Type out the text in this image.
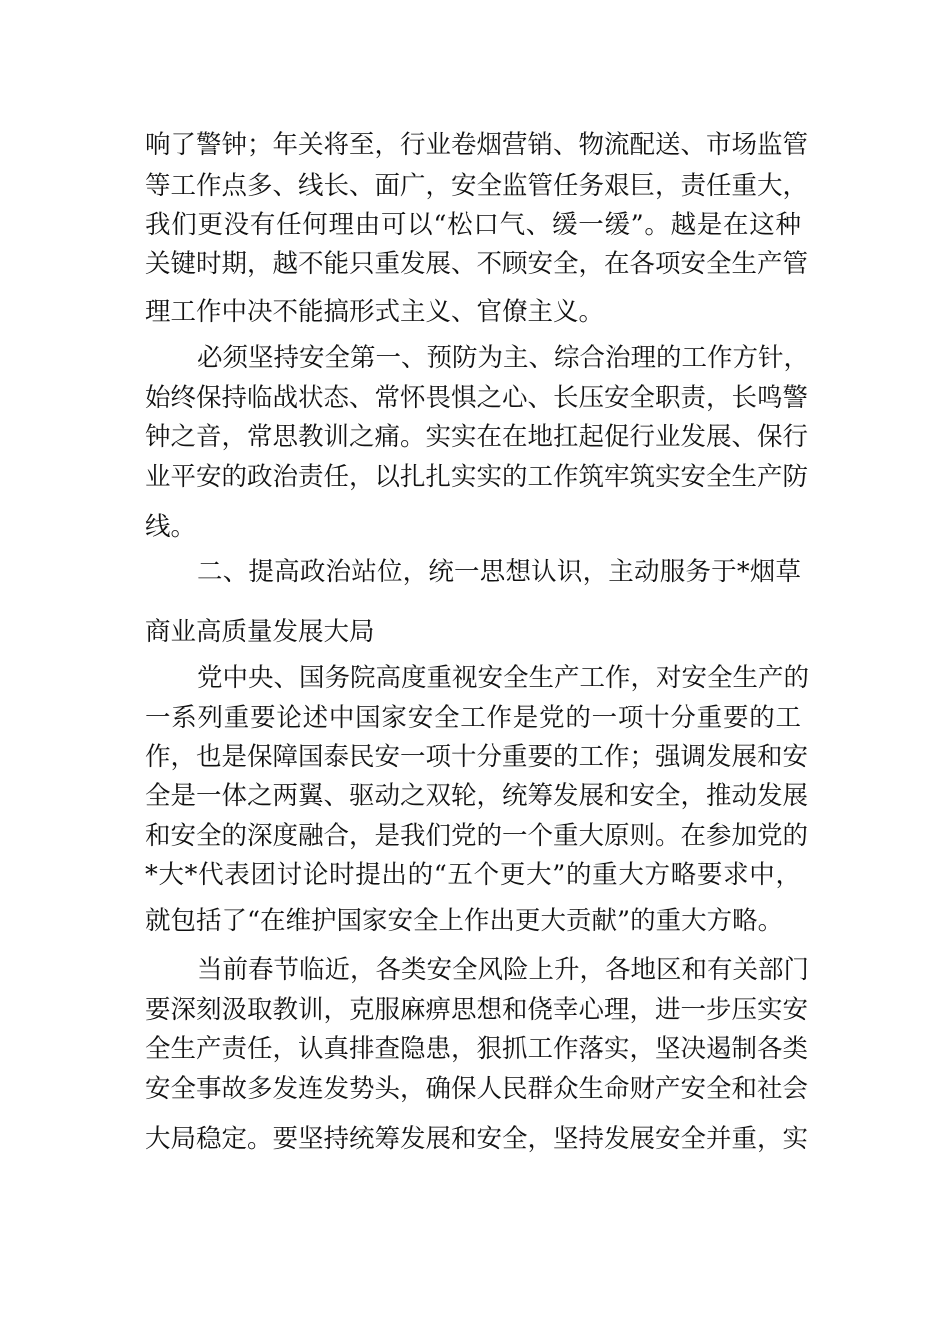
响了警钟；年关将至，行业卷烟营销、物流配送、市场监管
等工作点多、线长、面广，安全监管任务艰巨，责任重大，
我们更没有任何理由可以“松口气、缓一缓”。越是在这种
关键时期，越不能只重发展、不顾安全，在各项安全生产管
理工作中决不能搞形式主义、官僚主义。
必须坚持安全第一、预防为主、综合治理的工作方针，
始终保持临战状态、常怀畏惧之心、长压安全职责，长鸣警
钟之音，常思教训之痛。实实在在地扛起促行业发展、保行
业平安的政治责任，以扎扎实实的工作筑牢筑实安全生产防
线。
二、提高政治站位，统一思想认识，主动服务于*烟草
商业高质量发展大局
党中央、国务院高度重视安全生产工作，对安全生产的
一系列重要论述中国家安全工作是党的一项十分重要的工
作，也是保障国泰民安一项十分重要的工作；强调发展和安
全是一体之两翼、驱动之双轮，统筹发展和安全，推动发展
和安全的深度融合，是我们党的一个重大原则。在参加党的
*大*代表团讨论时提出的“五个更大”的重大方略要求中，
就包括了“在维护国家安全上作出更大贡献”的重大方略。
当前春节临近，各类安全风险上升，各地区和有关部门
要深刻汲取教训，克服麻痹思想和侥幸心理，进一步压实安
全生产责任，认真排查隐患，狠抓工作落实，坚决遏制各类
安全事故多发连发势头，确保人民群众生命财产安全和社会
大局稳定。要坚持统筹发展和安全，坚持发展安全并重，实
